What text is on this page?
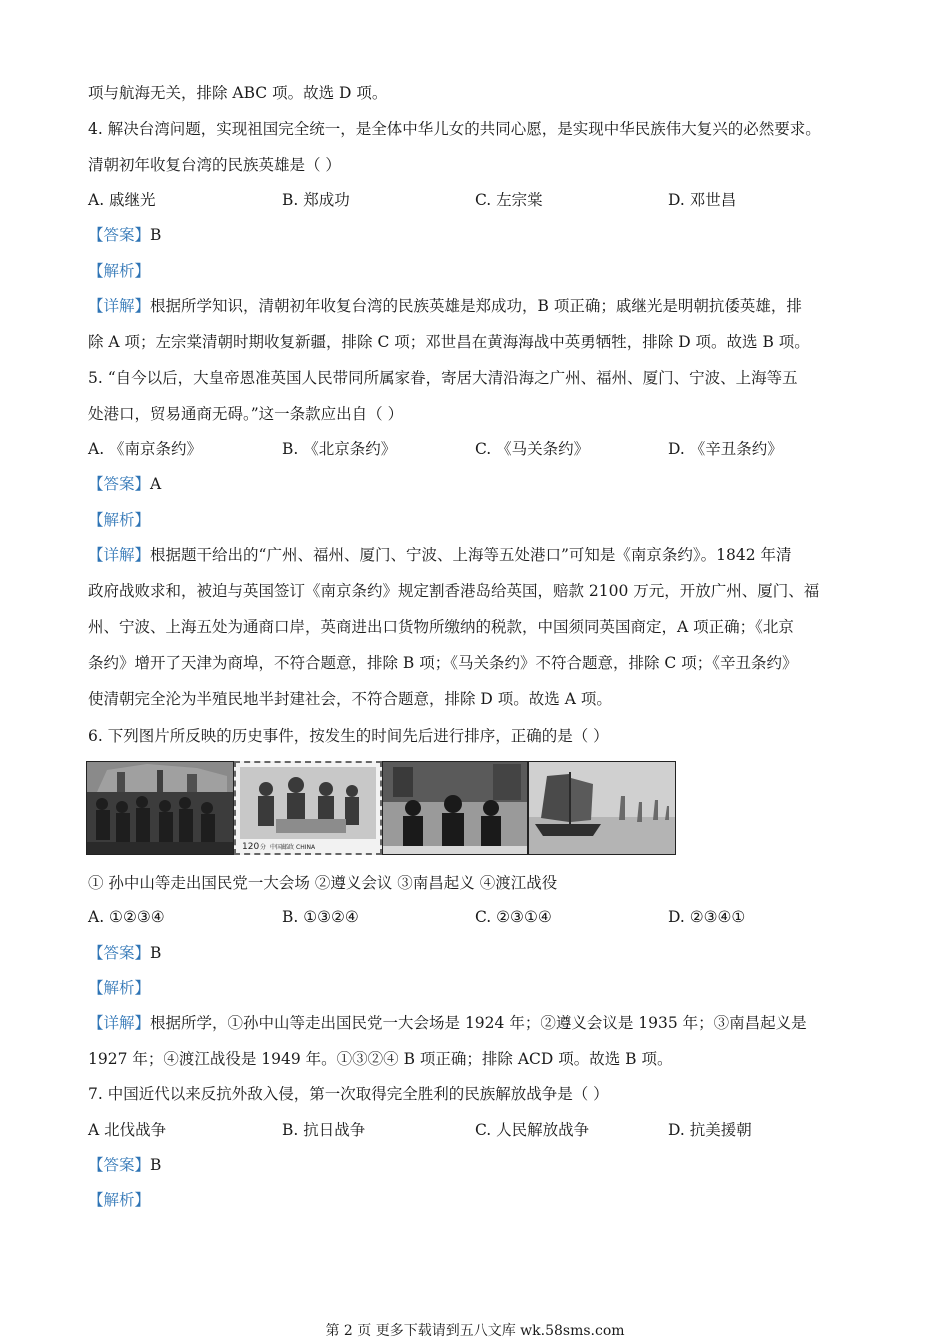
项与航海无关，排除 ABC 项。故选 D 项。
4. 解决台湾问题，实现祖国完全统一，是全体中华儿女的共同心愿，是实现中华民族伟大复兴的必然要求。
清朝初年收复台湾的民族英雄是（ ）
A. 戚继光	B. 郑成功	C. 左宗棠	D. 邓世昌
【答案】B
【解析】
【详解】根据所学知识，清朝初年收复台湾的民族英雄是郑成功，B 项正确；戚继光是明朝抗倭英雄，排
除 A 项；左宗棠清朝时期收复新疆，排除 C 项；邓世昌在黄海海战中英勇牺牲，排除 D 项。故选 B 项。
5. “自今以后，大皇帝恩准英国人民带同所属家眷，寄居大清沿海之广州、福州、厦门、宁波、上海等五
处港口，贸易通商无碍。”这一条款应出自（ ）
A. 《南京条约》	B. 《北京条约》	C. 《马关条约》	D. 《辛丑条约》
【答案】A
【解析】
【详解】根据题干给出的“广州、福州、厦门、宁波、上海等五处港口”可知是《南京条约》。1842 年清
政府战败求和，被迫与英国签订《南京条约》规定割香港岛给英国，赔款 2100 万元，开放广州、厦门、福
州、宁波、上海五处为通商口岸，英商进出口货物所缴纳的税款，中国须同英国商定，A 项正确；《北京
条约》增开了天津为商埠，不符合题意，排除 B 项；《马关条约》不符合题意，排除 C 项；《辛丑条约》
使清朝完全沦为半殖民地半封建社会，不符合题意，排除 D 项。故选 A 项。
6. 下列图片所反映的历史事件，按发生的时间先后进行排序，正确的是（ ）
120 分 中国邮政 CHINA
① 孙中山等走出国民党一大会场 ②遵义会议 ③南昌起义 ④渡江战役
A. ①②③④	B. ①③②④	C. ②③①④	D. ②③④①
【答案】B
【解析】
【详解】根据所学，①孙中山等走出国民党一大会场是 1924 年；②遵义会议是 1935 年；③南昌起义是
1927 年；④渡江战役是 1949 年。①③②④ B 项正确；排除 ACD 项。故选 B 项。
7. 中国近代以来反抗外敌入侵，第一次取得完全胜利的民族解放战争是（ ）
A 北伐战争	B. 抗日战争	C. 人民解放战争	D. 抗美援朝
【答案】B
【解析】
第 2 页 更多下载请到五八文库 wk.58sms.com
